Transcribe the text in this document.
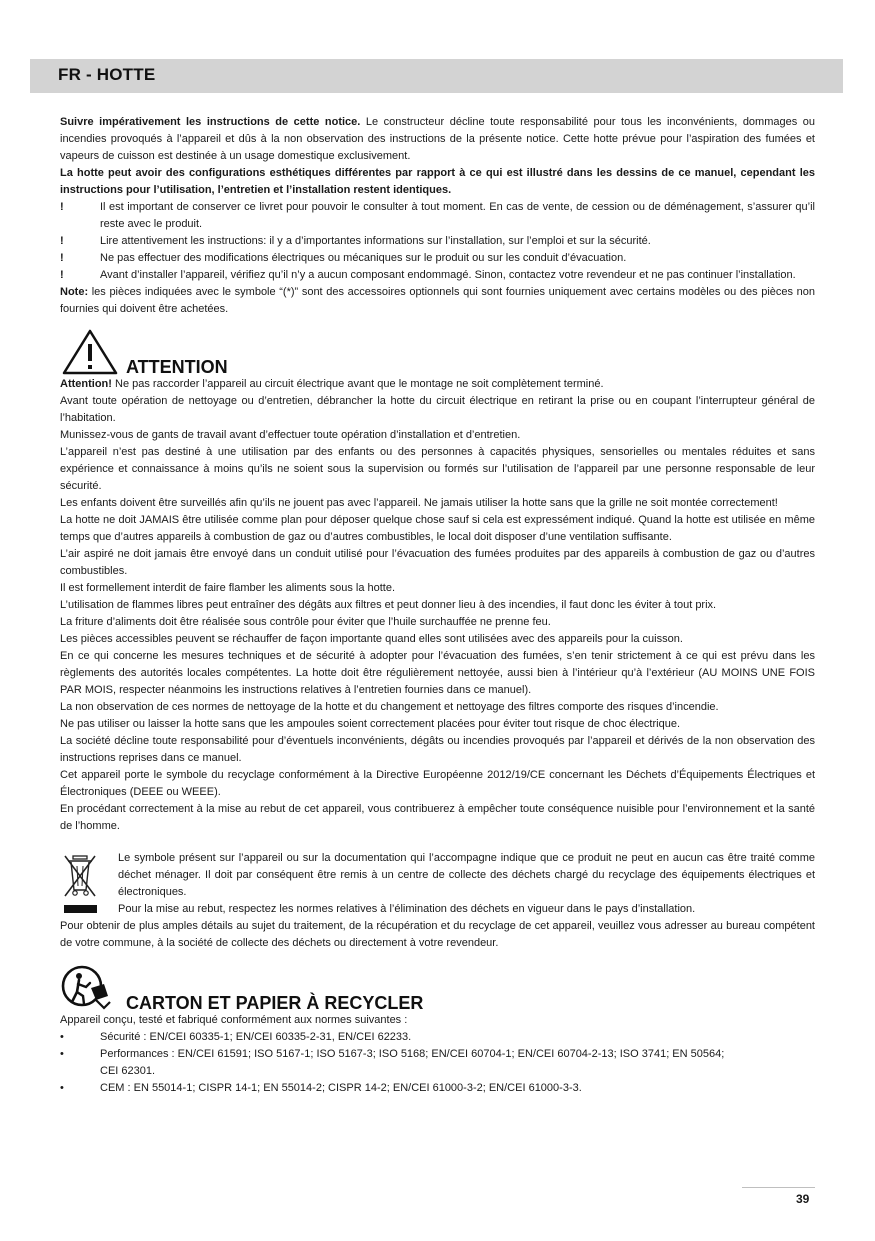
FR - HOTTE

Suivre impérativement les instructions de cette notice. Le constructeur décline toute responsabilité pour tous les inconvénients, dommages ou incendies provoqués à l’appareil et dûs à la non observation des instructions de la présente notice. Cette hotte prévue pour l’aspiration des fumées et vapeurs de cuisson est destinée à un usage domestique exclusivement.

La hotte peut avoir des configurations esthétiques différentes par rapport à ce qui est illustré dans les dessins de ce manuel, cependant les instructions pour l’utilisation, l’entretien et l’installation restent identiques.

!	Il est important de conserver ce livret pour pouvoir le consulter à tout moment. En cas de vente, de cession ou de déménagement, s’assurer qu’il reste avec le produit.
!	Lire attentivement les instructions: il y a d’importantes informations sur l’installation, sur l’emploi et sur la sécurité.
!	Ne pas effectuer des modifications électriques ou mécaniques sur le produit ou sur les conduit d’évacuation.
!	Avant d’installer l’appareil, vérifiez qu’il n’y a aucun composant endommagé. Sinon, contactez votre revendeur et ne pas continuer l’installation.

Note: les pièces indiquées avec le symbole “(*)” sont des accessoires optionnels qui sont fournies uniquement avec certains modèles ou des pièces non fournies qui doivent être achetées.

ATTENTION

Attention! Ne pas raccorder l’appareil au circuit électrique avant que le montage ne soit complètement terminé.

Avant toute opération de nettoyage ou d’entretien, débrancher la hotte du circuit électrique en retirant la prise ou en coupant l’interrupteur général de l’habitation.

Munissez-vous de gants de travail avant d’effectuer toute opération d’installation et d’entretien.

L’appareil n’est pas destiné à une utilisation par des enfants ou des personnes à capacités physiques, sensorielles ou mentales réduites et sans expérience et connaissance à moins qu’ils ne soient sous la supervision ou formés sur l’utilisation de l’appareil par une personne responsable de leur sécurité.

Les enfants doivent être surveillés afin qu’ils ne jouent pas avec l’appareil. Ne jamais utiliser la hotte sans que la grille ne soit montée correctement!

La hotte ne doit JAMAIS être utilisée comme plan pour déposer quelque chose sauf si cela est expressément indiqué. Quand la hotte est utilisée en même temps que d’autres appareils à combustion de gaz ou d’autres combustibles, le local doit disposer d’une ventilation suffisante.

L’air aspiré ne doit jamais être envoyé dans un conduit utilisé pour l’évacuation des fumées produites par des appareils à combustion de gaz ou d’autres combustibles.

Il est formellement interdit de faire flamber les aliments sous la hotte.

L’utilisation de flammes libres peut entraîner des dégâts aux filtres et peut donner lieu à des incendies, il faut donc les éviter à tout prix.

La friture d’aliments doit être réalisée sous contrôle pour éviter que l’huile surchauffée ne prenne feu.

Les pièces accessibles peuvent se réchauffer de façon importante quand elles sont utilisées avec des appareils pour la cuisson.

En ce qui concerne les mesures techniques et de sécurité à adopter pour l’évacuation des fumées, s’en tenir strictement à ce qui est prévu dans les règlements des autorités locales compétentes. La hotte doit être régulièrement nettoyée, aussi bien à l’intérieur qu’à l’extérieur (AU MOINS UNE FOIS PAR MOIS, respecter néanmoins les instructions relatives à l’entretien fournies dans ce manuel).

La non observation de ces normes de nettoyage de la hotte et du changement et nettoyage des filtres comporte des risques d’incendie.

Ne pas utiliser ou laisser la hotte sans que les ampoules soient correctement placées pour éviter tout risque de choc électrique.

La société décline toute responsabilité pour d’éventuels inconvénients, dégâts ou incendies provoqués par l’appareil et dérivés de la non observation des instructions reprises dans ce manuel.

Cet appareil porte le symbole du recyclage conformément à la Directive Européenne 2012/19/CE concernant les Déchets d’Équipements Électriques et Électroniques (DEEE ou WEEE).

En procédant correctement à la mise au rebut de cet appareil, vous contribuerez à empêcher toute conséquence nuisible pour l’environnement et la santé de l’homme.

Le symbole présent sur l’appareil ou sur la documentation qui l’accompagne indique que ce produit ne peut en aucun cas être traité comme déchet ménager. Il doit par conséquent être remis à un centre de collecte des déchets chargé du recyclage des équipements électriques et électroniques.

Pour la mise au rebut, respectez les normes relatives à l’élimination des déchets en vigueur dans le pays d’installation.

Pour obtenir de plus amples détails au sujet du traitement, de la récupération et du recyclage de cet appareil, veuillez vous adresser au bureau compétent de votre commune, à la société de collecte des déchets ou directement à votre revendeur.

CARTON ET PAPIER À RECYCLER

Appareil conçu, testé et fabriqué conformément aux normes suivantes :

•	Sécurité : EN/CEI 60335-1; EN/CEI 60335-2-31, EN/CEI 62233.
•	Performances : EN/CEI 61591; ISO 5167-1; ISO 5167-3; ISO 5168; EN/CEI 60704-1; EN/CEI 60704-2-13; ISO 3741; EN 50564; CEI 62301.
•	CEM : EN 55014-1; CISPR 14-1; EN 55014-2; CISPR 14-2; EN/CEI 61000-3-2; EN/CEI 61000-3-3.
39
